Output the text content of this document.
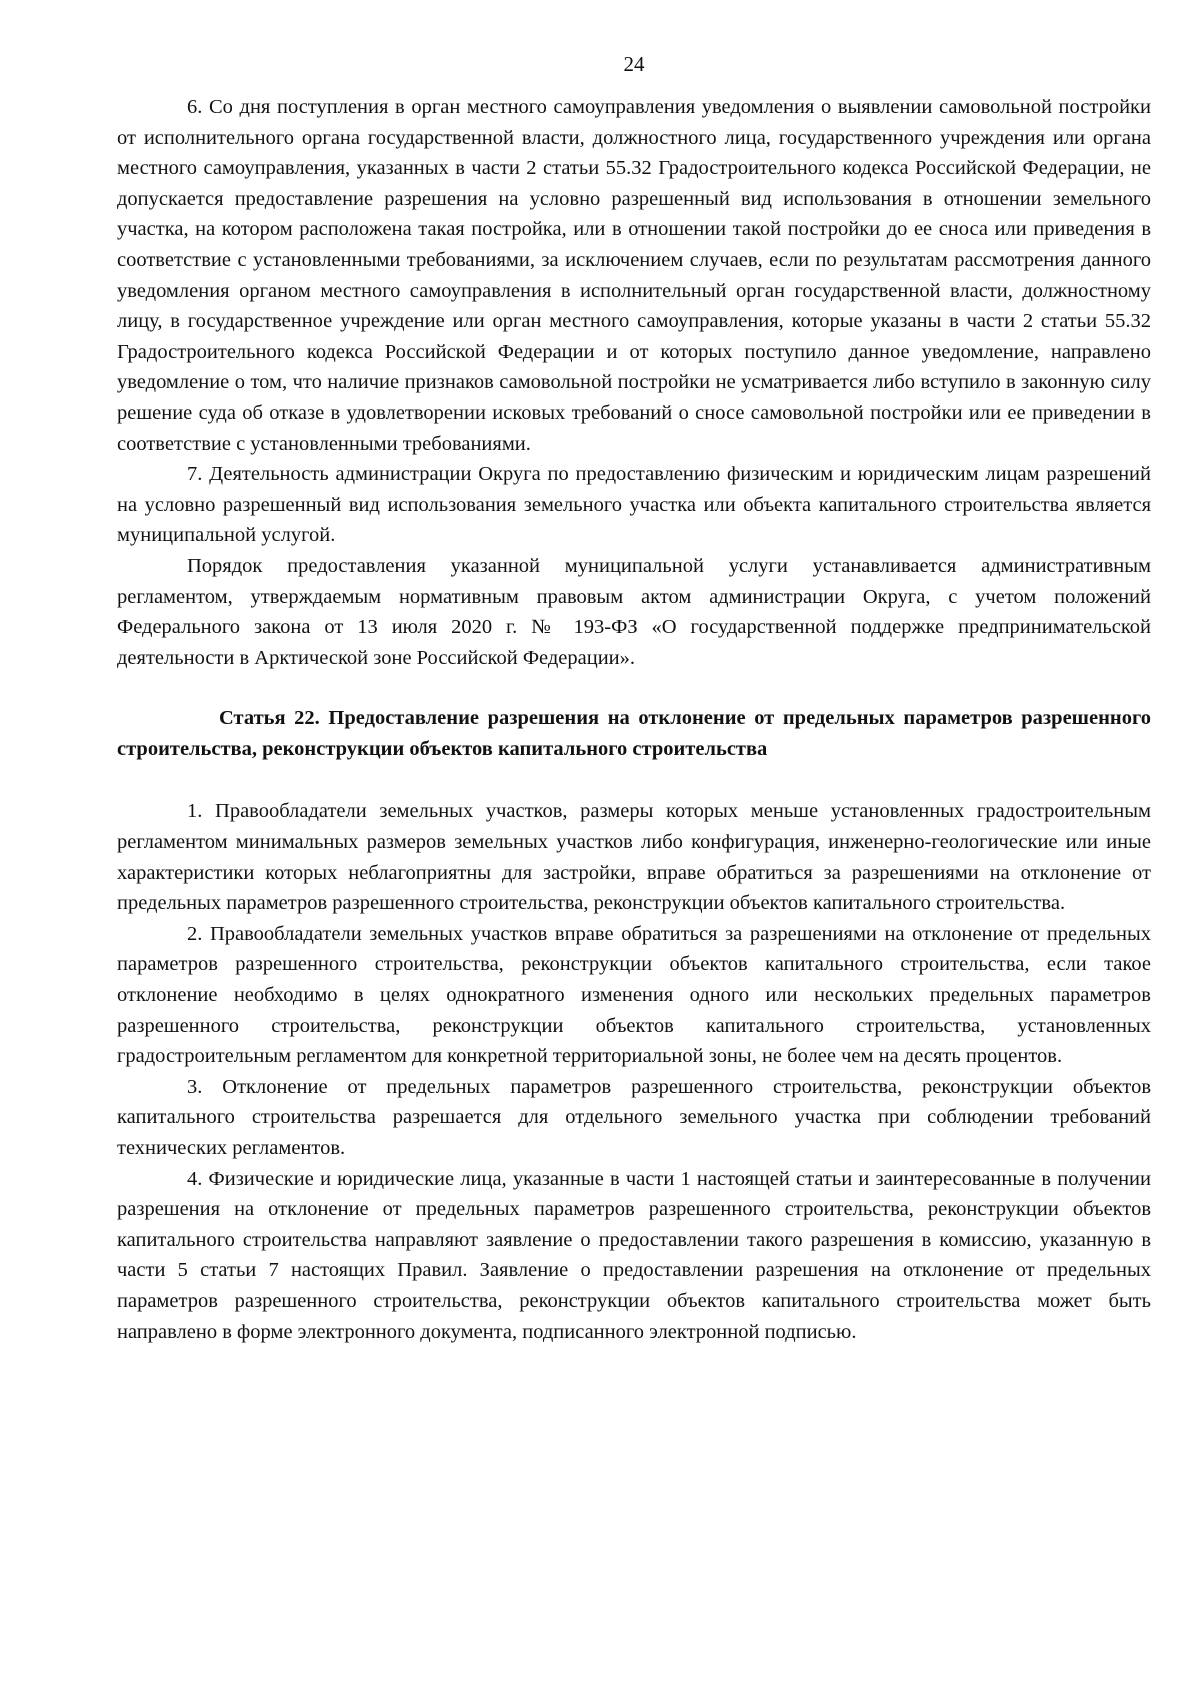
24

6. Со дня поступления в орган местного самоуправления уведомления о выявлении самовольной постройки от исполнительного органа государственной власти, должностного лица, государственного учреждения или органа местного самоуправления, указанных в части 2 статьи 55.32 Градостроительного кодекса Российской Федерации, не допускается предоставление разрешения на условно разрешенный вид использования в отношении земельного участка, на котором расположена такая постройка, или в отношении такой постройки до ее сноса или приведения в соответствие с установленными требованиями, за исключением случаев, если по результатам рассмотрения данного уведомления органом местного самоуправления в исполнительный орган государственной власти, должностному лицу, в государственное учреждение или орган местного самоуправления, которые указаны в части 2 статьи 55.32 Градостроительного кодекса Российской Федерации и от которых поступило данное уведомление, направлено уведомление о том, что наличие признаков самовольной постройки не усматривается либо вступило в законную силу решение суда об отказе в удовлетворении исковых требований о сносе самовольной постройки или ее приведении в соответствие с установленными требованиями.

7. Деятельность администрации Округа по предоставлению физическим и юридическим лицам разрешений на условно разрешенный вид использования земельного участка или объекта капитального строительства является муниципальной услугой.

Порядок предоставления указанной муниципальной услуги устанавливается административным регламентом, утверждаемым нормативным правовым актом администрации Округа, с учетом положений Федерального закона от 13 июля 2020 г. № 193-ФЗ «О государственной поддержке предпринимательской деятельности в Арктической зоне Российской Федерации».

Статья 22. Предоставление разрешения на отклонение от предельных параметров разрешенного строительства, реконструкции объектов капитального строительства

1. Правообладатели земельных участков, размеры которых меньше установленных градостроительным регламентом минимальных размеров земельных участков либо конфигурация, инженерно-геологические или иные характеристики которых неблагоприятны для застройки, вправе обратиться за разрешениями на отклонение от предельных параметров разрешенного строительства, реконструкции объектов капитального строительства.

2. Правообладатели земельных участков вправе обратиться за разрешениями на отклонение от предельных параметров разрешенного строительства, реконструкции объектов капитального строительства, если такое отклонение необходимо в целях однократного изменения одного или нескольких предельных параметров разрешенного строительства, реконструкции объектов капитального строительства, установленных градостроительным регламентом для конкретной территориальной зоны, не более чем на десять процентов.

3. Отклонение от предельных параметров разрешенного строительства, реконструкции объектов капитального строительства разрешается для отдельного земельного участка при соблюдении требований технических регламентов.

4. Физические и юридические лица, указанные в части 1 настоящей статьи и заинтересованные в получении разрешения на отклонение от предельных параметров разрешенного строительства, реконструкции объектов капитального строительства направляют заявление о предоставлении такого разрешения в комиссию, указанную в части 5 статьи 7 настоящих Правил. Заявление о предоставлении разрешения на отклонение от предельных параметров разрешенного строительства, реконструкции объектов капитального строительства может быть направлено в форме электронного документа, подписанного электронной подписью.
